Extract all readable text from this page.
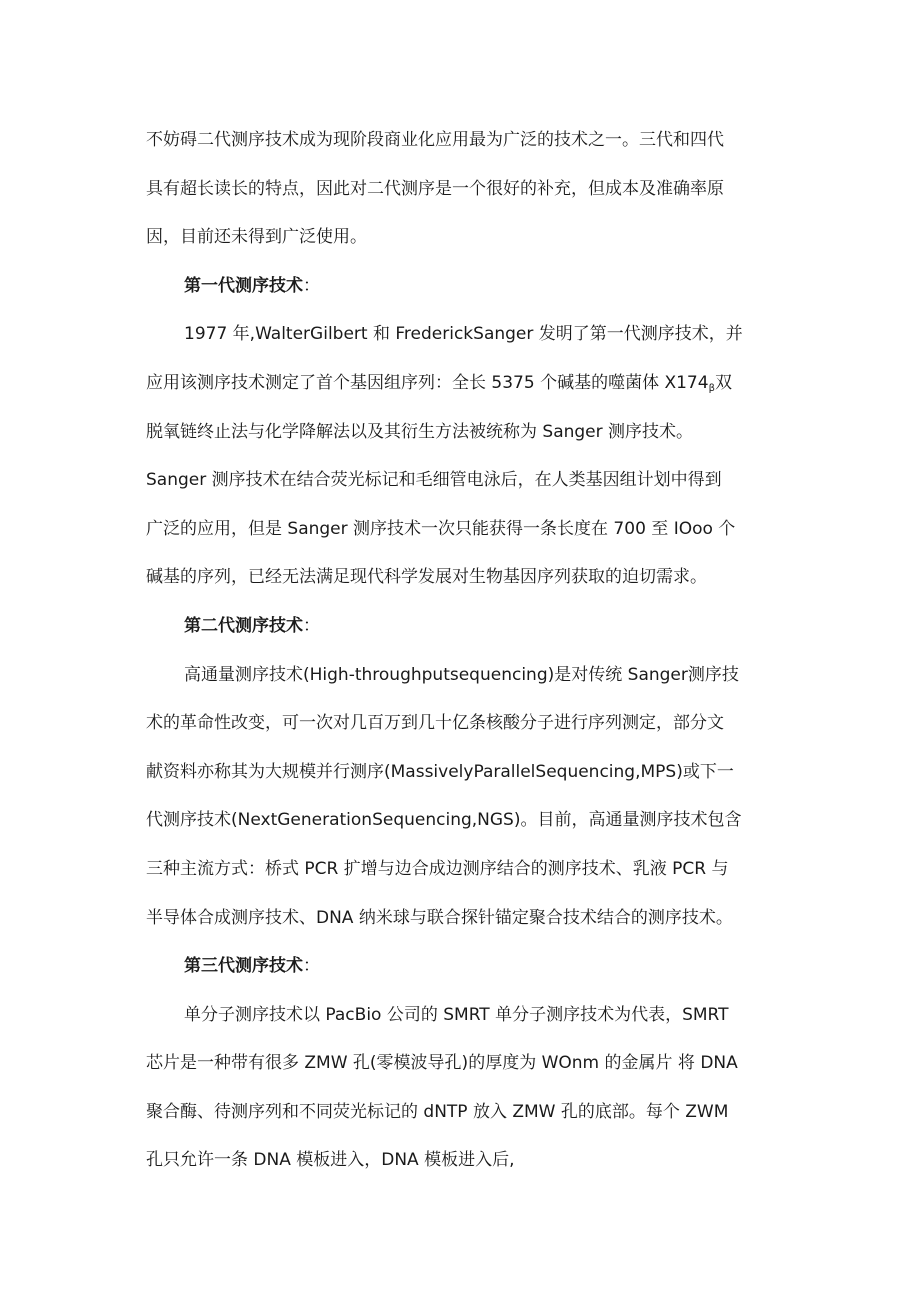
不妨碍二代测序技术成为现阶段商业化应用最为广泛的技术之一。三代和四代
具有超长读长的特点，因此对二代测序是一个很好的补充，但成本及准确率原
因，目前还未得到广泛使用。
第一代测序技术：
1977 年,WalterGilbert 和 FrederickSanger 发明了第一代测序技术，并
应用该测序技术测定了首个基因组序列：全长 5375 个碱基的噬菌体 $X174_\beta$双
脱氧链终止法与化学降解法以及其衍生方法被统称为 Sanger 测序技术。
Sanger 测序技术在结合荧光标记和毛细管电泳后，在人类基因组计划中得到
广泛的应用，但是 Sanger 测序技术一次只能获得一条长度在 700 至 IOoo 个
碱基的序列，已经无法满足现代科学发展对生物基因序列获取的迫切需求。
第二代测序技术：
高通量测序技术(High-throughputsequencing)是对传统 Sanger测序技
术的革命性改变，可一次对几百万到几十亿条核酸分子进行序列测定，部分文
献资料亦称其为大规模并行测序(MassivelyParallelSequencing,MPS)或下一
代测序技术(NextGenerationSequencing,NGS)。目前，高通量测序技术包含
三种主流方式：桥式 PCR 扩增与边合成边测序结合的测序技术、乳液 PCR 与
半导体合成测序技术、DNA 纳米球与联合探针锚定聚合技术结合的测序技术。
第三代测序技术：
单分子测序技术以 PacBio 公司的 SMRT 单分子测序技术为代表，SMRT
芯片是一种带有很多 ZMW 孔(零模波导孔)的厚度为 WOnm 的金属片 将 DNA
聚合酶、待测序列和不同荧光标记的 dNTP 放入 ZMW 孔的底部。每个 ZWM
孔只允许一条 DNA 模板进入，DNA 模板进入后,
